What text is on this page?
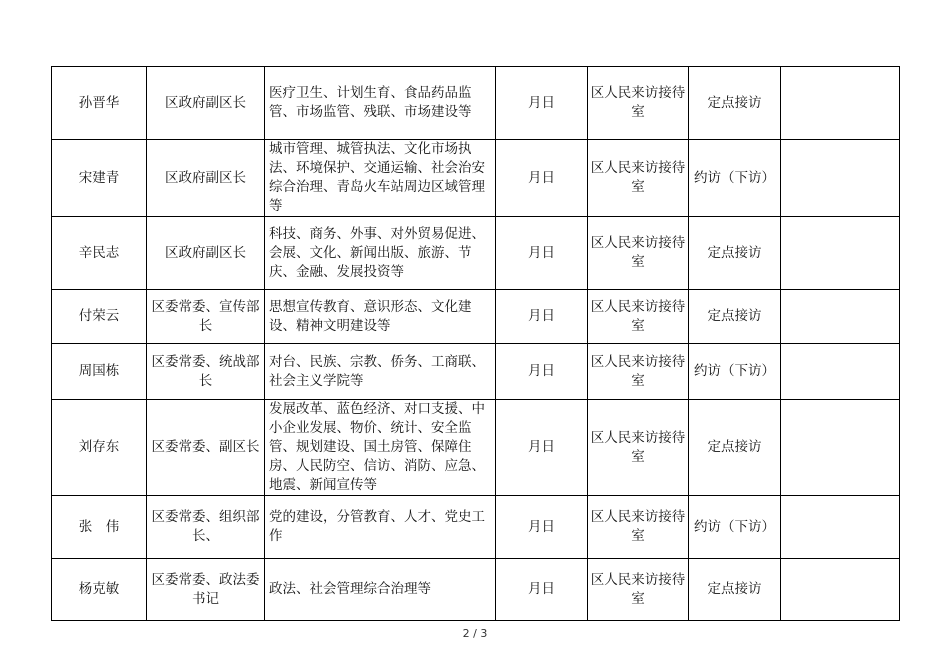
孙晋华	区政府副区长	医疗卫生、计划生育、食品药品监管、市场监管、残联、市场建设等	月日	区人民来访接待室	定点接访	
宋建青	区政府副区长	城市管理、城管执法、文化市场执法、环境保护、交通运输、社会治安综合治理、青岛火车站周边区域管理等	月日	区人民来访接待室	约访（下访）	
辛民志	区政府副区长	科技、商务、外事、对外贸易促进、会展、文化、新闻出版、旅游、节庆、金融、发展投资等	月日	区人民来访接待室	定点接访	
付荣云	区委常委、宣传部长	思想宣传教育、意识形态、文化建设、精神文明建设等	月日	区人民来访接待室	定点接访	
周国栋	区委常委、统战部长	对台、民族、宗教、侨务、工商联、社会主义学院等	月日	区人民来访接待室	约访（下访）	
刘存东	区委常委、副区长	发展改革、蓝色经济、对口支援、中小企业发展、物价、统计、安全监管、规划建设、国土房管、保障住房、人民防空、信访、消防、应急、地震、新闻宣传等	月日	区人民来访接待室	定点接访	
张　伟	区委常委、组织部长、	党的建设，分管教育、人才、党史工作	月日	区人民来访接待室	约访（下访）	
杨克敏	区委常委、政法委书记	政法、社会管理综合治理等	月日	区人民来访接待室	定点接访	
2 / 3
